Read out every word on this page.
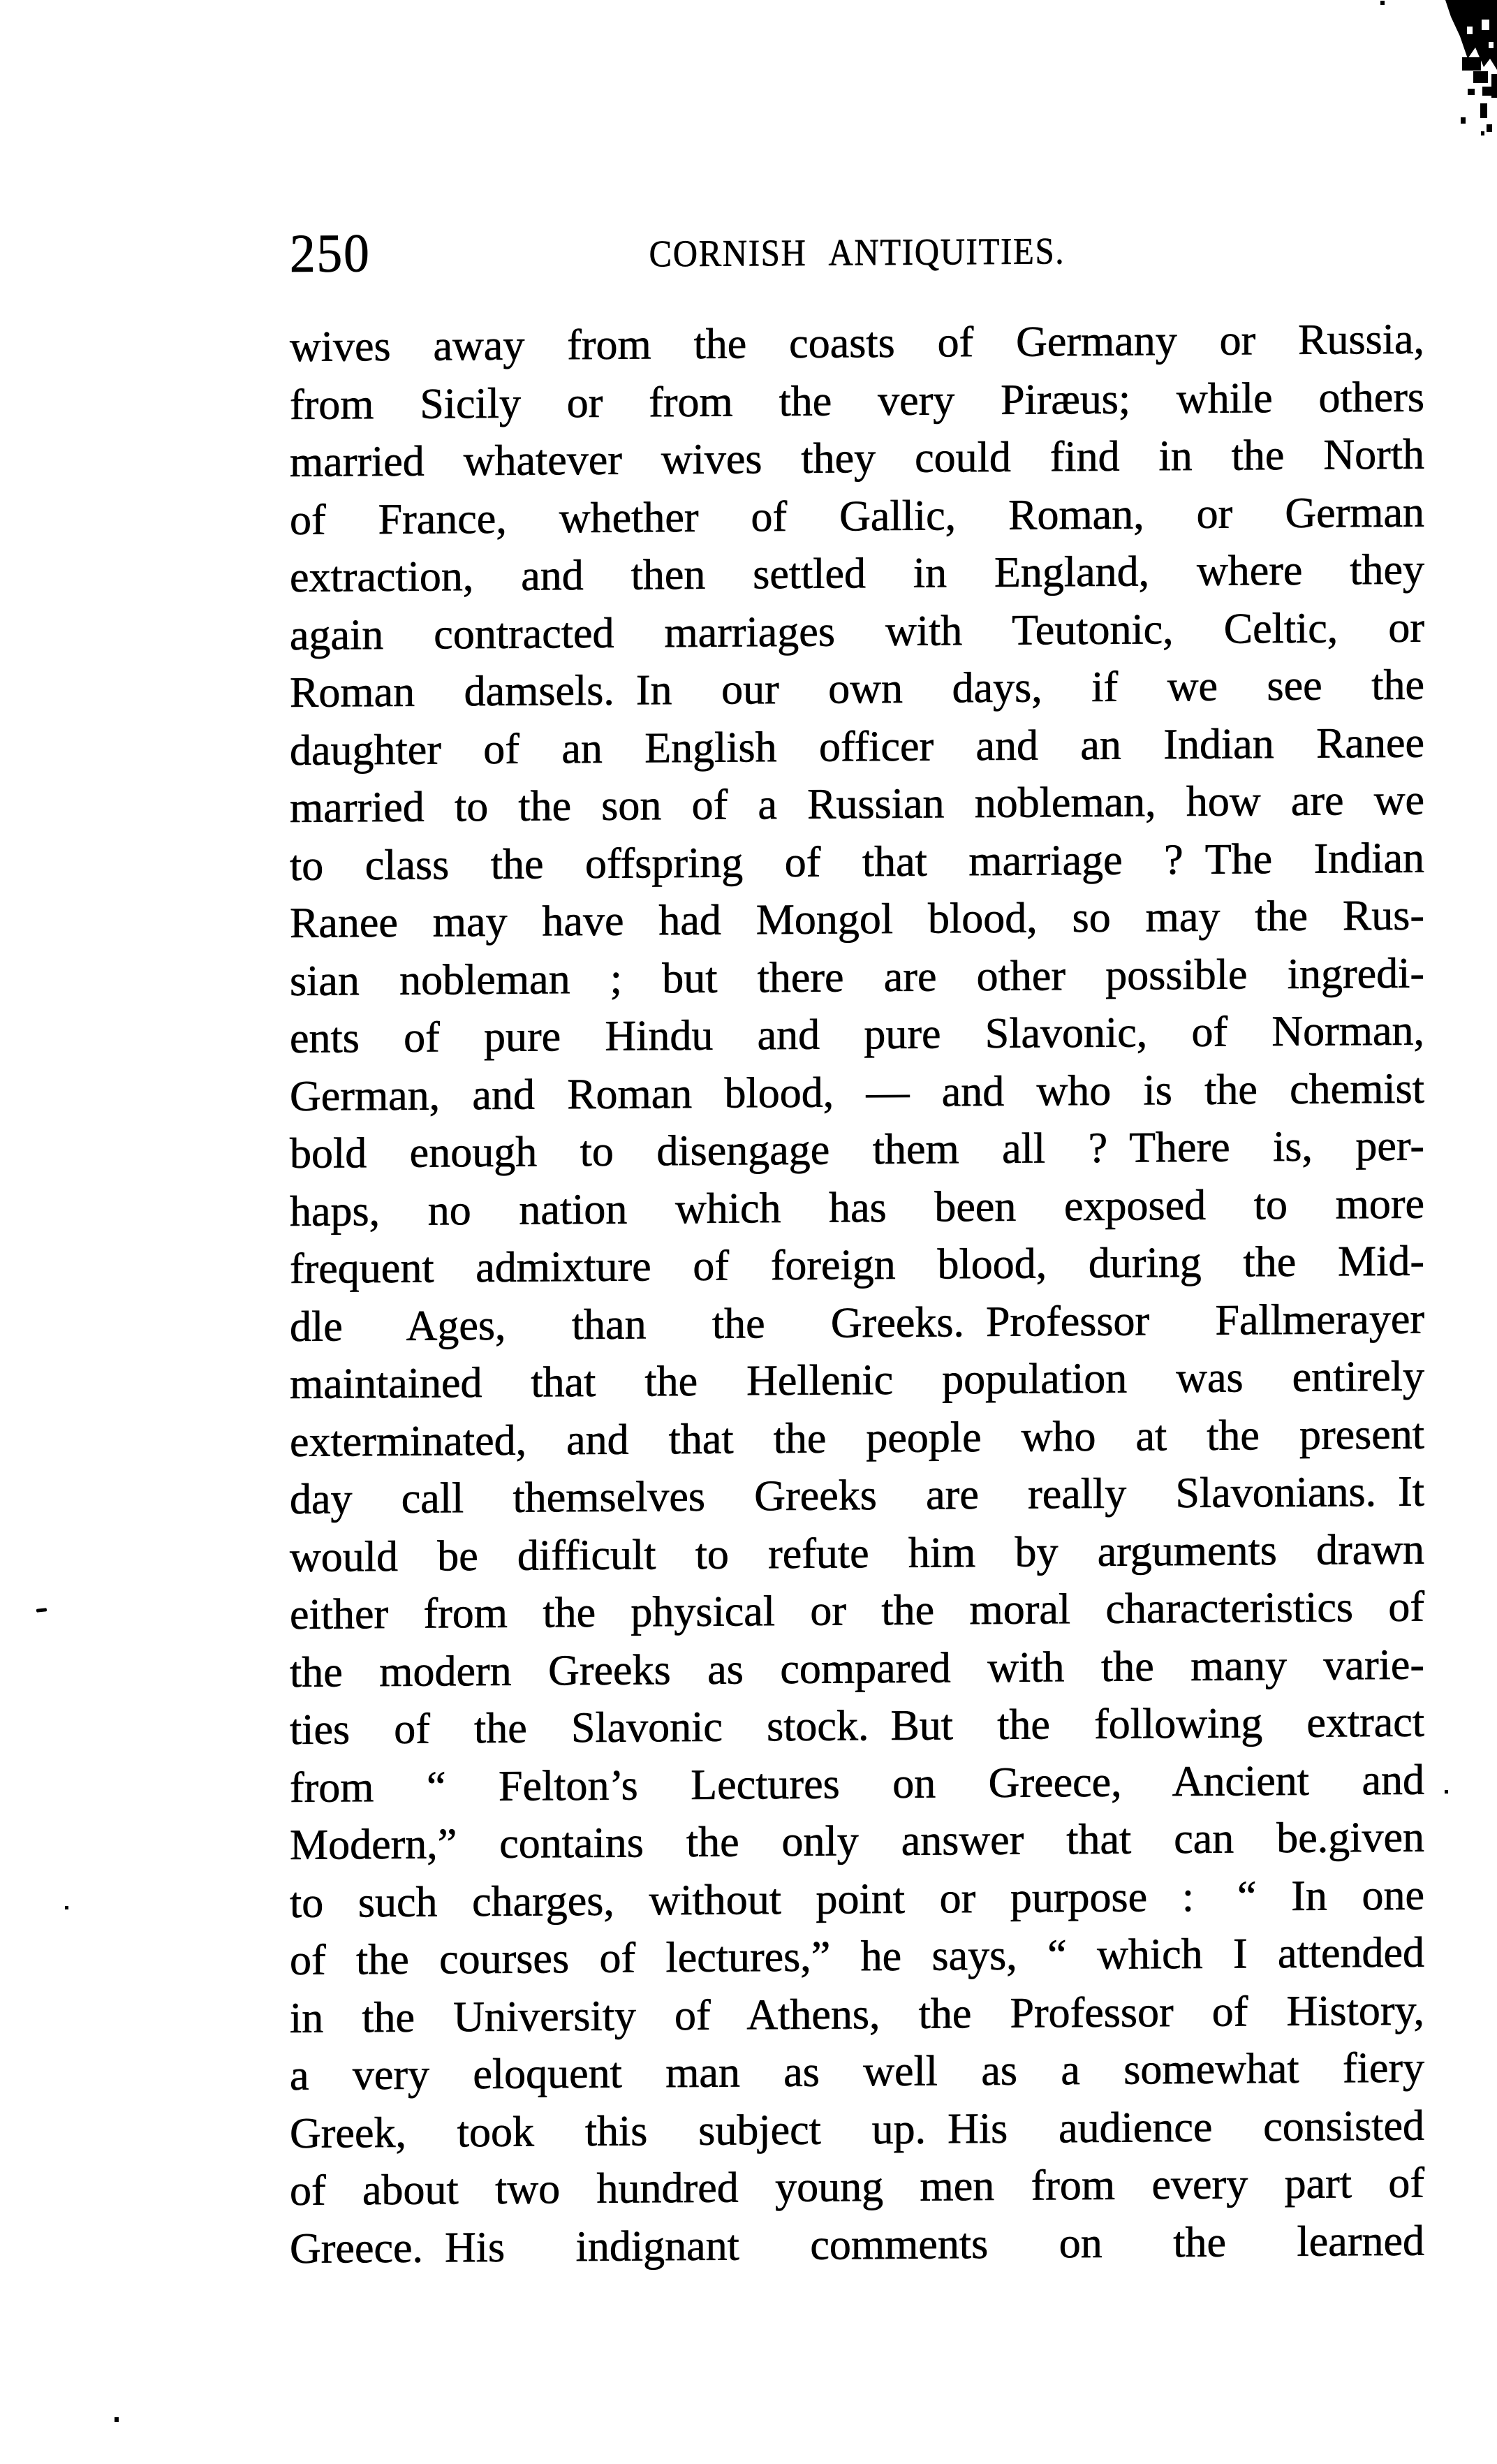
250	CORNISH ANTIQUITIES.
wives away from the coasts of Germany or Russia,
from Sicily or from the very Piræus; while others
married whatever wives they could find in the North
of France, whether of Gallic, Roman, or German
extraction, and then settled in England, where they
again contracted marriages with Teutonic, Celtic, or
Roman damsels. In our own days, if we see the
daughter of an English officer and an Indian Ranee
married to the son of a Russian nobleman, how are we
to class the offspring of that marriage ? The Indian
Ranee may have had Mongol blood, so may the Rus-
sian nobleman ; but there are other possible ingredi-
ents of pure Hindu and pure Slavonic, of Norman,
German, and Roman blood, — and who is the chemist
bold enough to disengage them all ? There is, per-
haps, no nation which has been exposed to more
frequent admixture of foreign blood, during the Mid-
dle Ages, than the Greeks. Professor Fallmerayer
maintained that the Hellenic population was entirely
exterminated, and that the people who at the present
day call themselves Greeks are really Slavonians. It
would be difficult to refute him by arguments drawn
either from the physical or the moral characteristics of
the modern Greeks as compared with the many varie-
ties of the Slavonic stock. But the following extract
from “ Felton’s Lectures on Greece, Ancient and
Modern,” contains the only answer that can be.given
to such charges, without point or purpose :  “ In one
of the courses of lectures,” he says, “ which I attended
in the University of Athens, the Professor of History,
a very eloquent man as well as a somewhat fiery
Greek, took this subject up. His audience consisted
of about two hundred young men from every part of
Greece. His indignant comments on the learned
